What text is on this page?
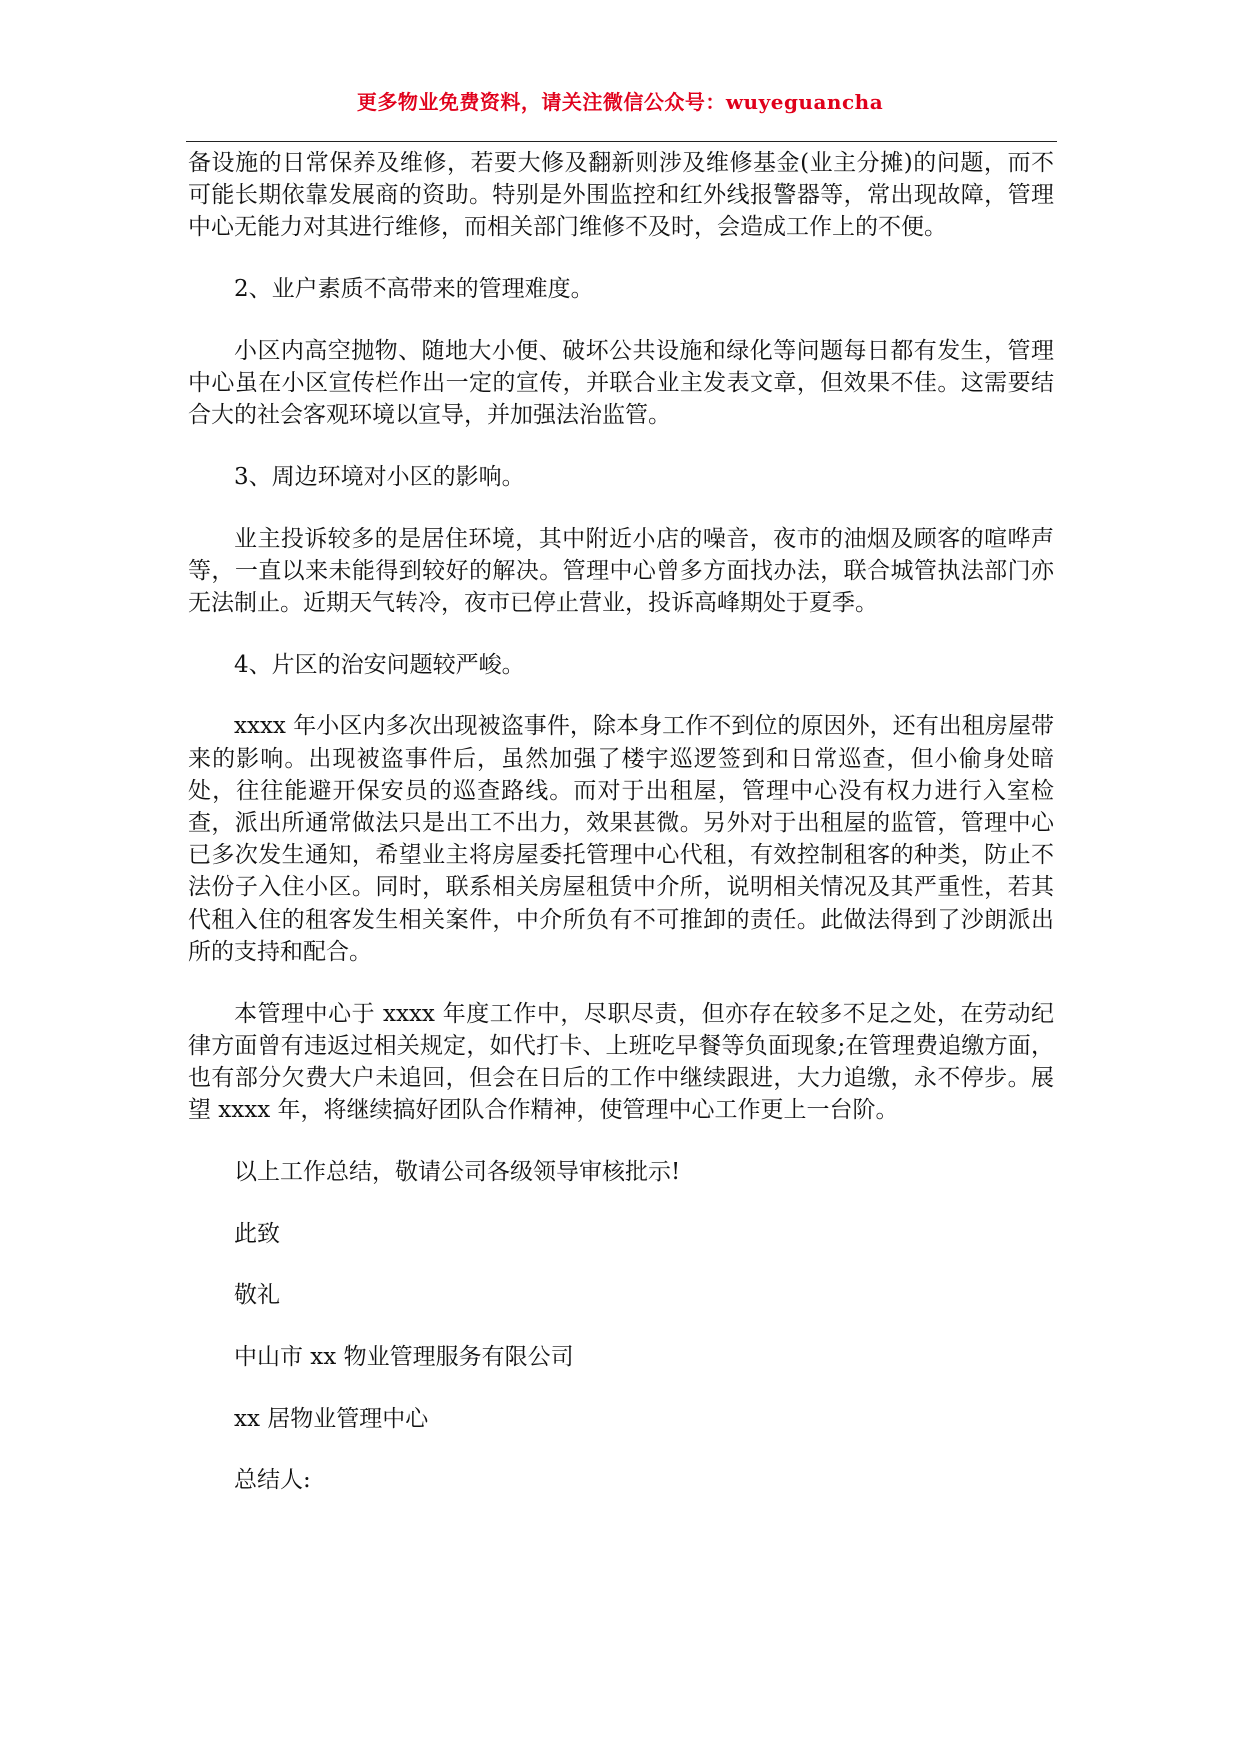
更多物业免费资料，请关注微信公众号：wuyeguancha

备设施的日常保养及维修，若要大修及翻新则涉及维修基金(业主分摊)的问题，而不可能长期依靠发展商的资助。特别是外围监控和红外线报警器等，常出现故障，管理中心无能力对其进行维修，而相关部门维修不及时，会造成工作上的不便。

2、业户素质不高带来的管理难度。

小区内高空抛物、随地大小便、破坏公共设施和绿化等问题每日都有发生，管理中心虽在小区宣传栏作出一定的宣传，并联合业主发表文章，但效果不佳。这需要结合大的社会客观环境以宣导，并加强法治监管。

3、周边环境对小区的影响。

业主投诉较多的是居住环境，其中附近小店的噪音，夜市的油烟及顾客的喧哗声等，一直以来未能得到较好的解决。管理中心曾多方面找办法，联合城管执法部门亦无法制止。近期天气转冷，夜市已停止营业，投诉高峰期处于夏季。

4、片区的治安问题较严峻。

xxxx 年小区内多次出现被盗事件，除本身工作不到位的原因外，还有出租房屋带来的影响。出现被盗事件后，虽然加强了楼宇巡逻签到和日常巡查，但小偷身处暗处，往往能避开保安员的巡查路线。而对于出租屋，管理中心没有权力进行入室检查，派出所通常做法只是出工不出力，效果甚微。另外对于出租屋的监管，管理中心已多次发生通知，希望业主将房屋委托管理中心代租，有效控制租客的种类，防止不法份子入住小区。同时，联系相关房屋租赁中介所，说明相关情况及其严重性，若其代租入住的租客发生相关案件，中介所负有不可推卸的责任。此做法得到了沙朗派出所的支持和配合。

本管理中心于 xxxx 年度工作中，尽职尽责，但亦存在较多不足之处，在劳动纪律方面曾有违返过相关规定，如代打卡、上班吃早餐等负面现象;在管理费追缴方面，也有部分欠费大户未追回，但会在日后的工作中继续跟进，大力追缴，永不停步。展望 xxxx 年，将继续搞好团队合作精神，使管理中心工作更上一台阶。

以上工作总结，敬请公司各级领导审核批示!

此致

敬礼

中山市 xx 物业管理服务有限公司

xx 居物业管理中心

总结人:
